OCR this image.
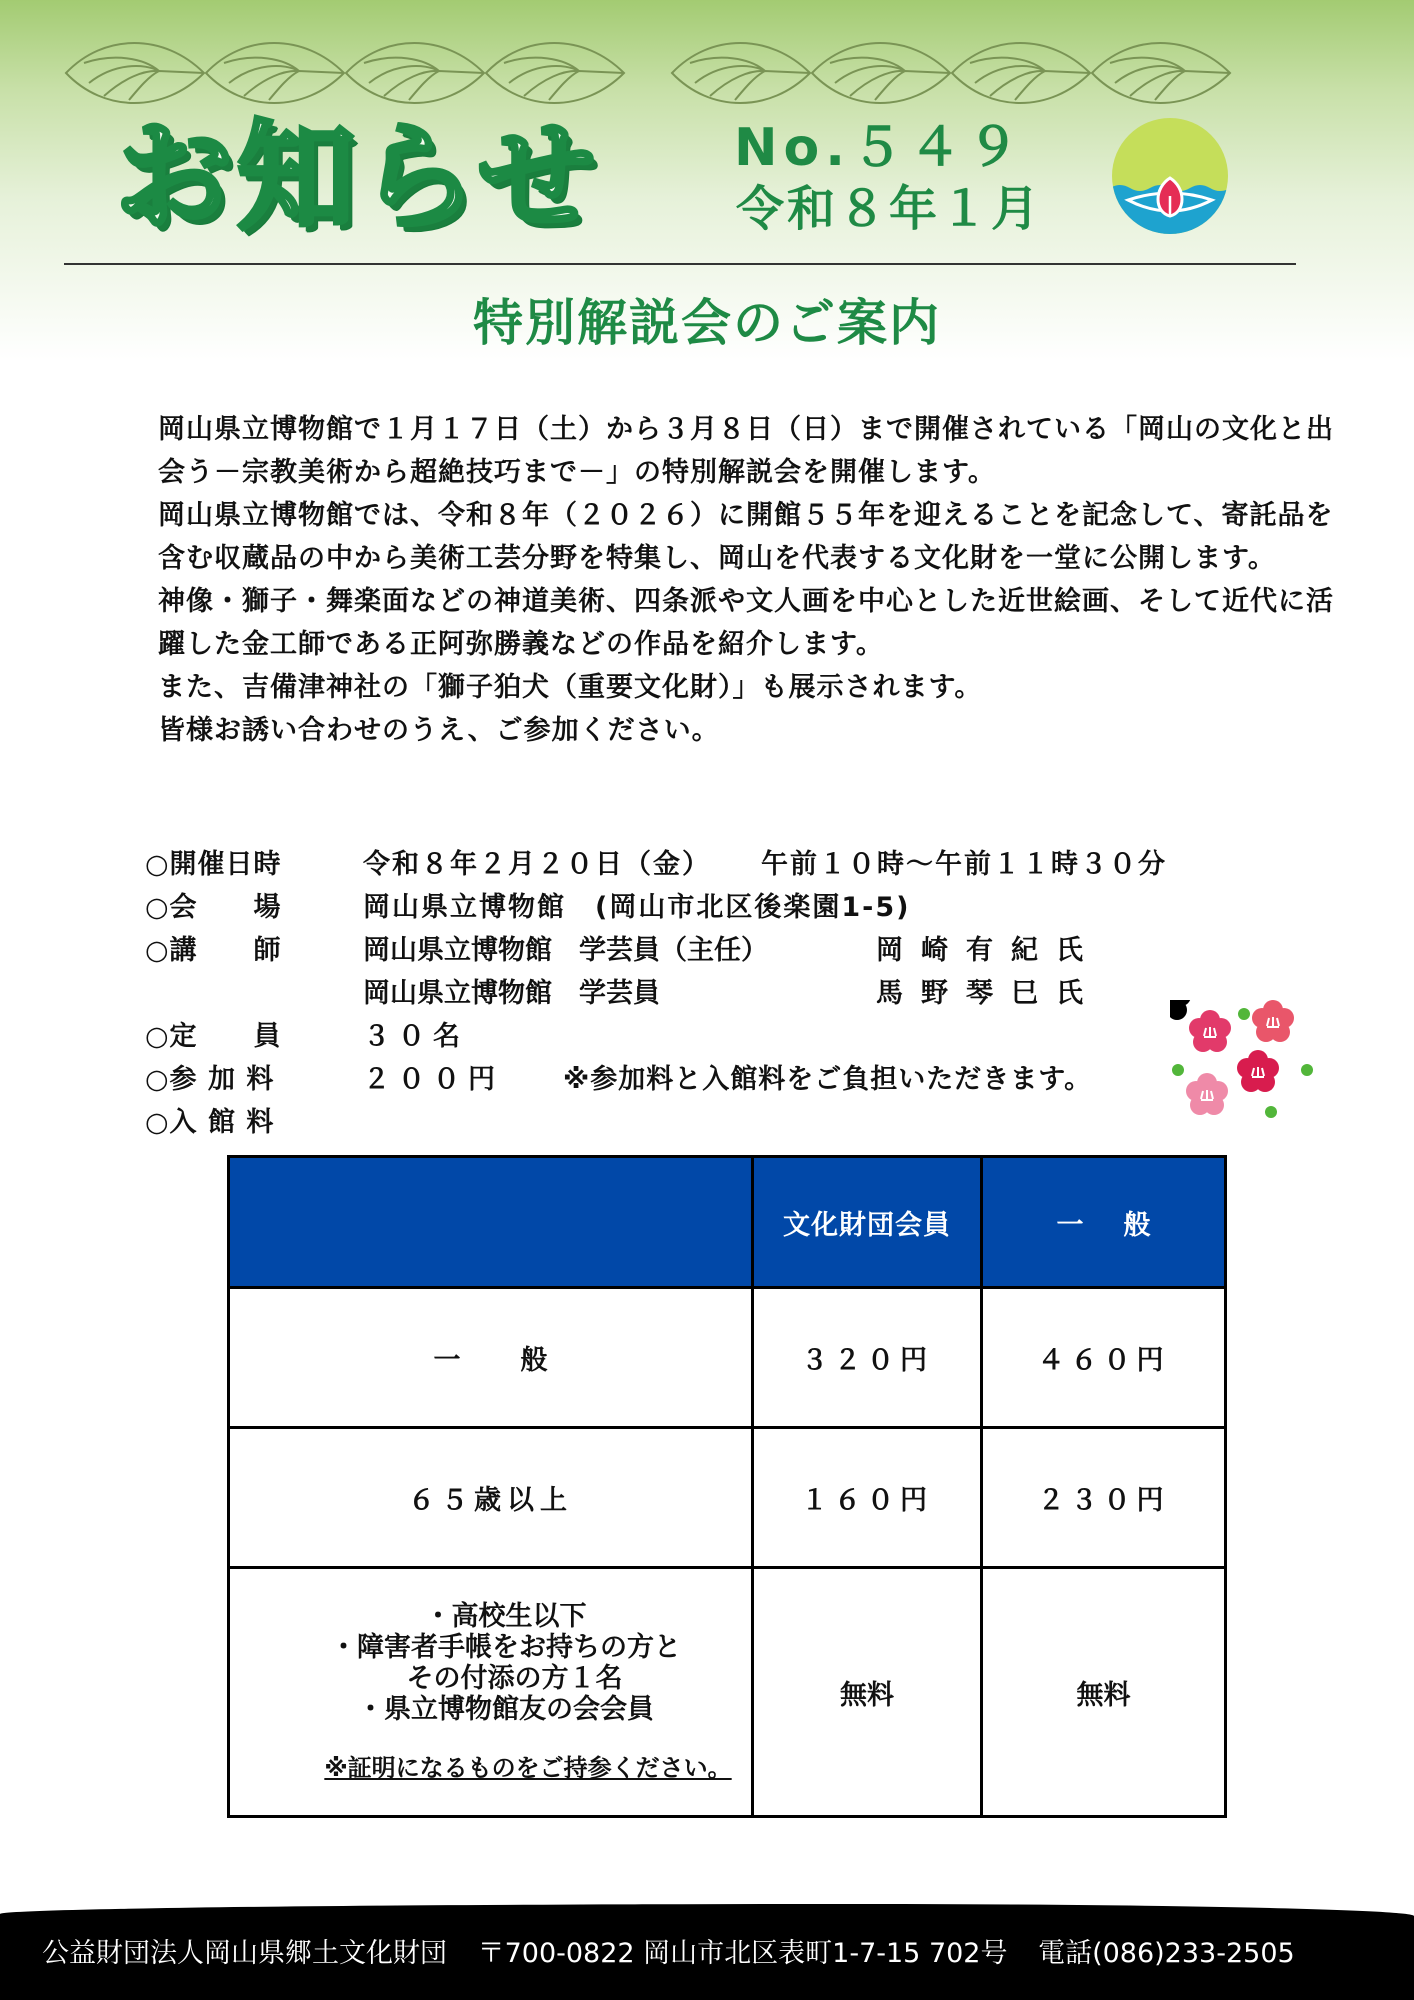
お知らせ	No.５４９
令和８年１月
特別解説会のご案内

岡山県立博物館で１月１７日（土）から３月８日（日）まで開催されている「岡山の文化と出会う－宗教美術から超絶技巧まで－」の特別解説会を開催します。

岡山県立博物館では、令和８年（２０２６）に開館５５年を迎えることを記念して、寄託品を含む収蔵品の中から美術工芸分野を特集し、岡山を代表する文化財を一堂に公開します。

神像・獅子・舞楽面などの神道美術、四条派や文人画を中心とした近世絵画、そして近代に活躍した金工師である正阿弥勝義などの作品を紹介します。

また、吉備津神社の「獅子狛犬（重要文化財）」も展示されます。

皆様お誘い合わせのうえ、ご参加ください。

○開催日時	令和８年２月２０日（金） 午前１０時～午前１１時３０分
○会　　場	岡山県立博物館　(岡山市北区後楽園1-5)
○講　　師	岡山県立博物館　学芸員（主任）	岡崎有紀氏
岡山県立博物館　学芸員	馬野琴巳氏
○定　　員	３０名
○参 加 料	２００円 ※参加料と入館料をご負担いただきます。
○入 館 料
	文化財団会員	一般
一般	３２０円	４６０円
６５歳以上	１６０円	２３０円

・高校生以下
・障害者手帳をお持ちの方と
その付添の方１名
・県立博物館友の会会員
※証明になるものをご持参ください。	無料	無料
公益財団法人岡山県郷土文化財団 〒700-0822 岡山市北区表町1-7-15 702号 電話(086)233-2505
